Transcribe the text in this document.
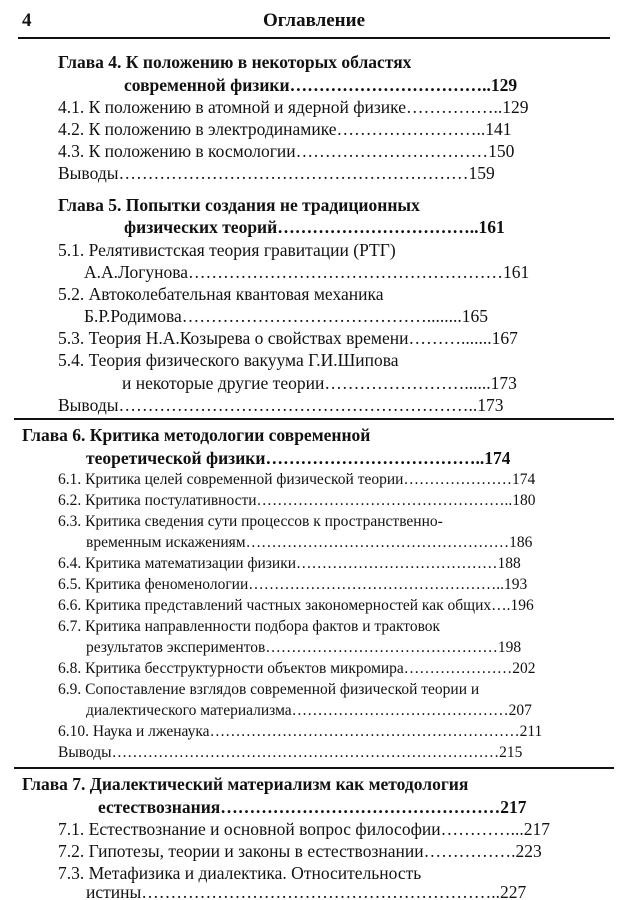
4	Оглавление
Глава 4. К положению в некоторых областях
современной физики……………………………..129
4.1. К положению в атомной и ядерной физике……………..129
4.2. К положению в электродинамике……………………..141
4.3. К положению в космологии……………………………150
Выводы……………………………………………………159
Глава 5. Попытки создания не традиционных
физических теорий……………………………..161
5.1. Релятивистская теория гравитации (РТГ)
А.А.Логунова………………………………………………161
5.2. Автоколебательная квантовая механика
Б.Р.Родимова……………………………………........165
5.3. Теория Н.А.Козырева о свойствах времени……….......167
5.4. Теория физического вакуума Г.И.Шипова
и некоторые другие теории……………………......173
Выводы……………………………………………………..173
Глава 6. Критика методологии современной
теоретической физики………………………………..174
6.1. Критика целей современной физической теории…………………174
6.2. Критика постулативности…………………………………………..180
6.3. Критика сведения сути процессов к пространственно-
временным искажениям……………………………………………186
6.4. Критика математизации физики…………………………………188
6.5. Критика феноменологии…………………………………………..193
6.6. Критика представлений частных закономерностей как общих….196
6.7. Критика направленности подбора фактов и трактовок
результатов экспериментов………………………………………198
6.8. Критика бесструктурности объектов микромира…………………202
6.9. Сопоставление взглядов современной физической теории и
диалектического материализма……………………………………207
6.10. Наука и лженаука……………………………………………………211
Выводы…………………………………………………………………215
Глава 7. Диалектический материализм как методология
естествознания…………………………………………217
7.1. Естествознание и основной вопрос философии…………...217
7.2. Гипотезы, теории и законы в естествознании…………….223
7.3. Метафизика и диалектика. Относительность
истины……………………………………………………..227
